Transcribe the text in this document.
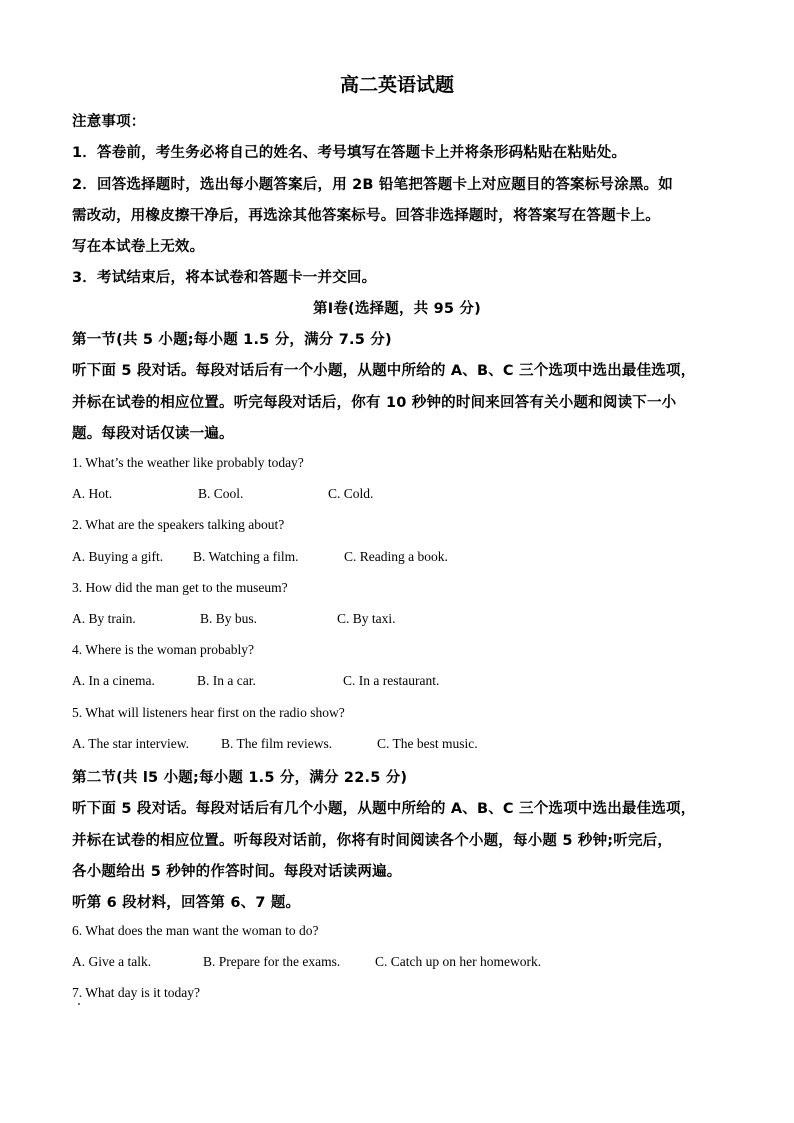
高二英语试题
注意事项：
1．答卷前，考生务必将自己的姓名、考号填写在答题卡上并将条形码粘贴在粘贴处。
2．回答选择题时，选出每小题答案后，用 2B 铅笔把答题卡上对应题目的答案标号涂黑。如
需改动，用橡皮擦干净后，再选涂其他答案标号。回答非选择题时，将答案写在答题卡上。
写在本试卷上无效。
3．考试结束后，将本试卷和答题卡一并交回。
第Ⅰ卷(选择题，共 95 分)
第一节(共 5 小题;每小题 1.5 分，满分 7.5 分)
听下面 5 段对话。每段对话后有一个小题，从题中所给的 A、B、C 三个选项中选出最佳选项，
并标在试卷的相应位置。听完每段对话后，你有 10 秒钟的时间来回答有关小题和阅读下一小
题。每段对话仅读一遍。
1. What’s the weather like probably today?
A. Hot.	B. Cool.	C. Cold.
2. What are the speakers talking about?
A. Buying a gift. B. Watching a film.	C. Reading a book.
3. How did the man get to the museum?
A. By train.	B. By bus.	C. By taxi.
4. Where is the woman probably?
A. In a cinema.	B. In a car.	C. In a restaurant.
5. What will listeners hear first on the radio show?
A. The star interview. B. The film reviews.	C. The best music.
第二节(共 l5 小题;每小题 1.5 分，满分 22.5 分)
听下面 5 段对话。每段对话后有几个小题，从题中所给的 A、B、C 三个选项中选出最佳选项，
并标在试卷的相应位置。听每段对话前，你将有时间阅读各个小题，每小题 5 秒钟;听完后，
各小题给出 5 秒钟的作答时间。每段对话读两遍。
听第 6 段材料，回答第 6、7 题。
6. What does the man want the woman to do?
A. Give a talk.	B. Prepare for the exams.	C. Catch up on her homework.
7. What day is it today?
